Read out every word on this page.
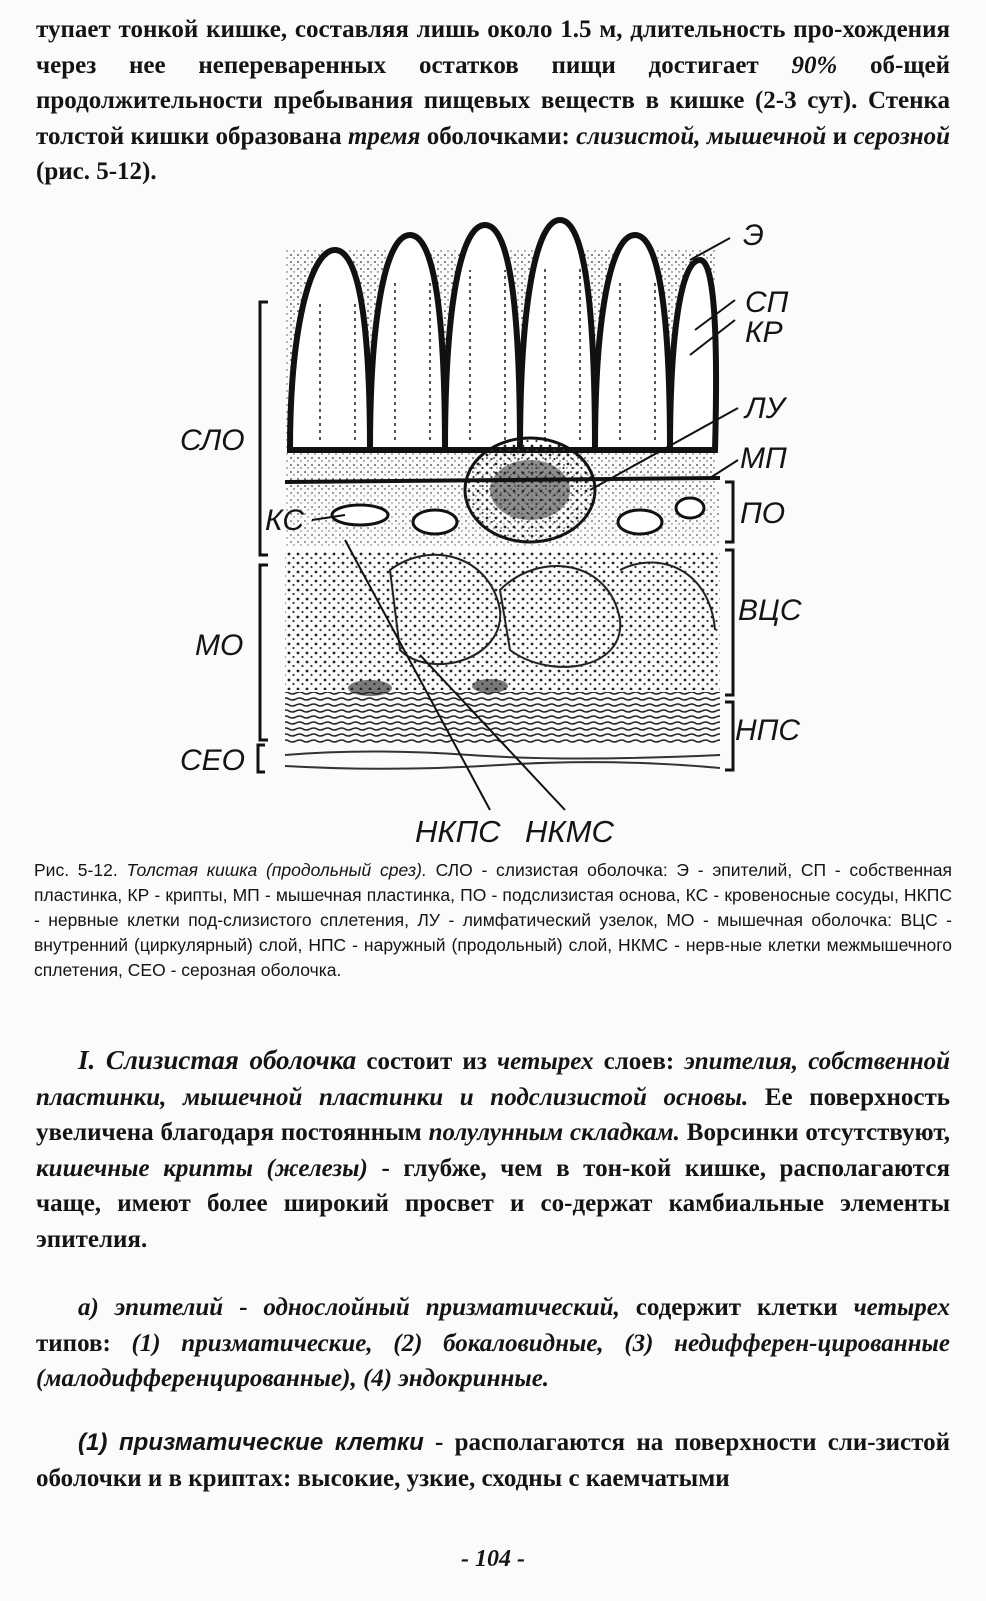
тупает тонкой кишке, составляя лишь около 1.5 м, длительность про-хождения через нее непереваренных остатков пищи достигает 90% об-щей продолжительности пребывания пищевых веществ в кишке (2-3 сут). Стенка толстой кишки образована тремя оболочками: слизистой, мышечной и серозной (рис. 5-12).

Э
СП
КР
ЛУ
МП
ПО
ВЦС
НПС
СЛО
КС
МО
СЕО
НКПС НКМС

Рис. 5-12. Толстая кишка (продольный срез). СЛО - слизистая оболочка: Э - эпителий, СП - собственная пластинка, КР - крипты, МП - мышечная пластинка, ПО - подслизистая основа, КС - кровеносные сосуды, НКПС - нервные клетки под-слизистого сплетения, ЛУ - лимфатический узелок, МО - мышечная оболочка: ВЦС - внутренний (циркулярный) слой, НПС - наружный (продольный) слой, НКМС - нерв-ные клетки межмышечного сплетения, СЕО - серозная оболочка.

I. Слизистая оболочка состоит из четырех слоев: эпителия, собственной пластинки, мышечной пластинки и подслизистой основы. Ее поверхность увеличена благодаря постоянным полулунным складкам. Ворсинки отсутствуют, кишечные крипты (железы) - глубже, чем в тон-кой кишке, располагаются чаще, имеют более широкий просвет и со-держат камбиальные элементы эпителия.

а) эпителий - однослойный призматический, содержит клетки четырех типов: (1) призматические, (2) бокаловидные, (3) недифферен-цированные (малодифференцированные), (4) эндокринные.

(1) призматические клетки - располагаются на поверхности сли-зистой оболочки и в криптах: высокие, узкие, сходны с каемчатыми

- 104 -
